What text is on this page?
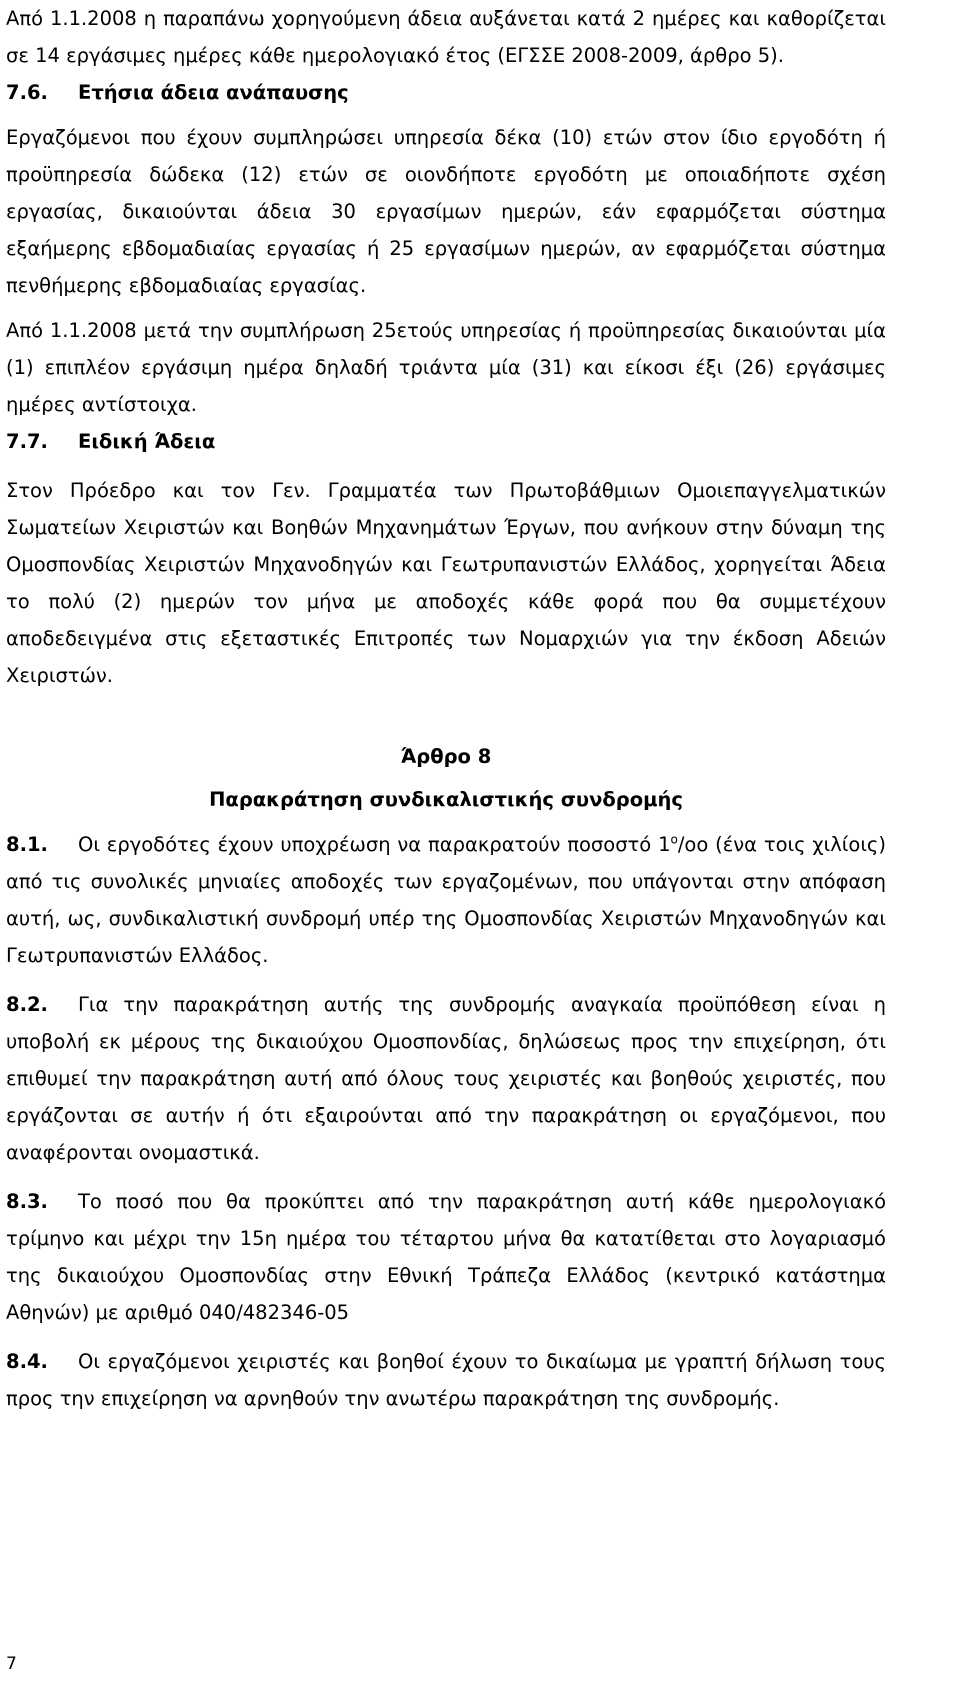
Από 1.1.2008 η παραπάνω χορηγούμενη άδεια αυξάνεται κατά 2 ημέρες και καθορίζεται σε 14 εργάσιμες ημέρες κάθε ημερολογιακό έτος (ΕΓΣΣΕ 2008-2009, άρθρο 5).

7.6. Ετήσια άδεια ανάπαυσης

Εργαζόμενοι που έχουν συμπληρώσει υπηρεσία δέκα (10) ετών στον ίδιο εργοδότη ή προϋπηρεσία δώδεκα (12) ετών σε οιονδήποτε εργοδότη με οποιαδήποτε σχέση εργασίας, δικαιούνται άδεια 30 εργασίμων ημερών, εάν εφαρμόζεται σύστημα εξαήμερης εβδομαδιαίας εργασίας ή 25 εργασίμων ημερών, αν εφαρμόζεται σύστημα πενθήμερης εβδομαδιαίας εργασίας.

Από 1.1.2008 μετά την συμπλήρωση 25ετούς υπηρεσίας ή προϋπηρεσίας δικαιούνται μία (1) επιπλέον εργάσιμη ημέρα δηλαδή τριάντα μία (31) και είκοσι έξι (26) εργάσιμες ημέρες αντίστοιχα.

7.7. Ειδική Άδεια

Στον Πρόεδρο και τον Γεν. Γραμματέα των Πρωτοβάθμιων Ομοιεπαγγελματικών Σωματείων Χειριστών και Βοηθών Μηχανημάτων Έργων, που ανήκουν στην δύναμη της Ομοσπονδίας Χειριστών Μηχανοδηγών και Γεωτρυπανιστών Ελλάδος, χορηγείται Άδεια το πολύ (2) ημερών τον μήνα με αποδοχές κάθε φορά που θα συμμετέχουν αποδεδειγμένα στις εξεταστικές Επιτροπές των Νομαρχιών για την έκδοση Αδειών Χειριστών.

Άρθρο 8

Παρακράτηση συνδικαλιστικής συνδρομής

8.1. Οι εργοδότες έχουν υποχρέωση να παρακρατούν ποσοστό $1^o/oo$ (ένα τοις χιλίοις) από τις συνολικές μηνιαίες αποδοχές των εργαζομένων, που υπάγονται στην απόφαση αυτή, ως, συνδικαλιστική συνδρομή υπέρ της Ομοσπονδίας Χειριστών Μηχανοδηγών και Γεωτρυπανιστών Ελλάδος.

8.2. Για την παρακράτηση αυτής της συνδρομής αναγκαία προϋπόθεση είναι η υποβολή εκ μέρους της δικαιούχου Ομοσπονδίας, δηλώσεως προς την επιχείρηση, ότι επιθυμεί την παρακράτηση αυτή από όλους τους χειριστές και βοηθούς χειριστές, που εργάζονται σε αυτήν ή ότι εξαιρούνται από την παρακράτηση οι εργαζόμενοι, που αναφέρονται ονομαστικά.

8.3. Το ποσό που θα προκύπτει από την παρακράτηση αυτή κάθε ημερολογιακό τρίμηνο και μέχρι την 15η ημέρα του τέταρτου μήνα θα κατατίθεται στο λογαριασμό της δικαιούχου Ομοσπονδίας στην Εθνική Τράπεζα Ελλάδος (κεντρικό κατάστημα Αθηνών) με αριθμό 040/482346-05

8.4. Οι εργαζόμενοι χειριστές και βοηθοί έχουν το δικαίωμα με γραπτή δήλωση τους προς την επιχείρηση να αρνηθούν την ανωτέρω παρακράτηση της συνδρομής.

7
